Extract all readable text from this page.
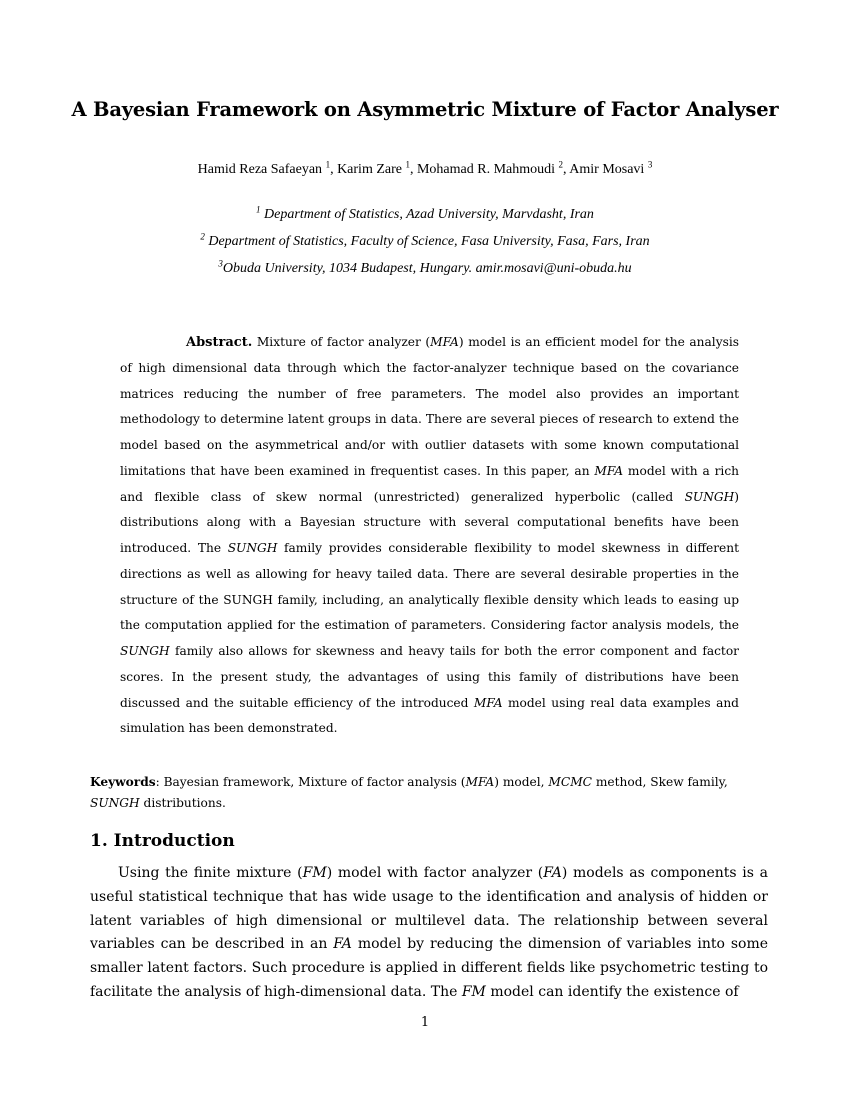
A Bayesian Framework on Asymmetric Mixture of Factor Analyser
Hamid Reza Safaeyan $^1$, Karim Zare $^1$, Mohamad R. Mahmoudi $^2$, Amir Mosavi $^3$
$^1$ Department of Statistics, Azad University, Marvdasht, Iran
$^2$ Department of Statistics, Faculty of Science, Fasa University, Fasa, Fars, Iran
$^3$Obuda University, 1034 Budapest, Hungary. amir.mosavi@uni-obuda.hu
Abstract. Mixture of factor analyzer (MFA) model is an efficient model for the analysis of high dimensional data through which the factor-analyzer technique based on the covariance matrices reducing the number of free parameters. The model also provides an important methodology to determine latent groups in data. There are several pieces of research to extend the model based on the asymmetrical and/or with outlier datasets with some known computational limitations that have been examined in frequentist cases. In this paper, an MFA model with a rich and flexible class of skew normal (unrestricted) generalized hyperbolic (called SUNGH) distributions along with a Bayesian structure with several computational benefits have been introduced. The SUNGH family provides considerable flexibility to model skewness in different directions as well as allowing for heavy tailed data. There are several desirable properties in the structure of the SUNGH family, including, an analytically flexible density which leads to easing up the computation applied for the estimation of parameters. Considering factor analysis models, the SUNGH family also allows for skewness and heavy tails for both the error component and factor scores. In the present study, the advantages of using this family of distributions have been discussed and the suitable efficiency of the introduced MFA model using real data examples and simulation has been demonstrated.
Keywords: Bayesian framework, Mixture of factor analysis (MFA) model, MCMC method, Skew family, SUNGH distributions.
1. Introduction
Using the finite mixture (FM) model with factor analyzer (FA) models as components is a useful statistical technique that has wide usage to the identification and analysis of hidden or latent variables of high dimensional or multilevel data. The relationship between several variables can be described in an FA model by reducing the dimension of variables into some smaller latent factors. Such procedure is applied in different fields like psychometric testing to facilitate the analysis of high-dimensional data. The FM model can identify the existence of
1
